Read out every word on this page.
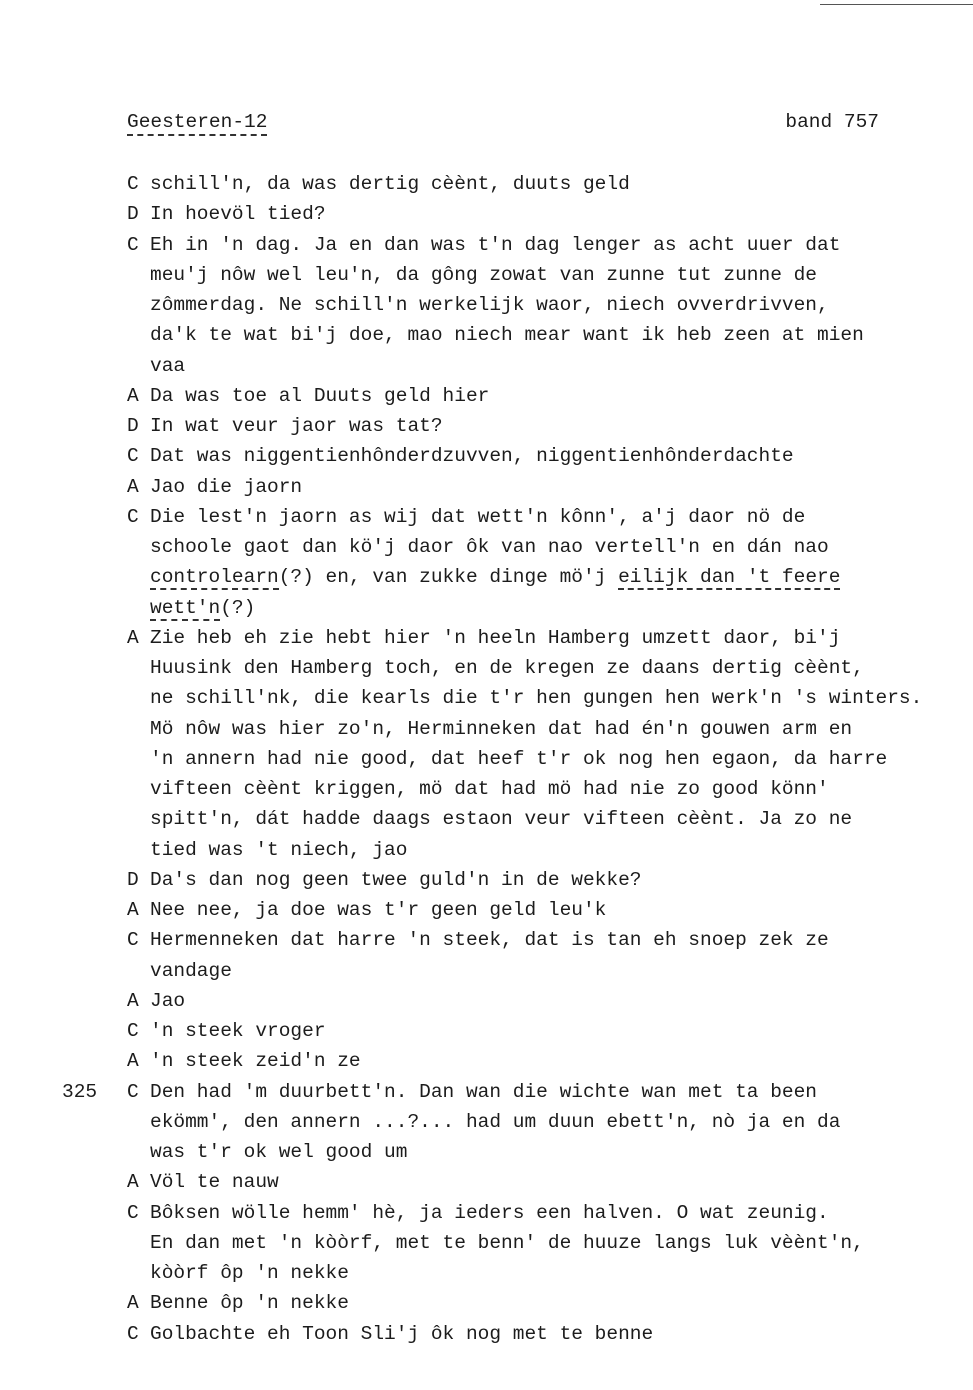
Geesteren-12	band 757
C schill'n, da was dertig cèènt, duuts geld
D In hoevöl tied?
C Eh in 'n dag. Ja en dan was t'n dag lenger as acht uuer dat
meu'j nôw wel leu'n, da gông zowat van zunne tut zunne de
zômmerdag. Ne schill'n werkelijk waor, niech ovverdrivven,
da'k te wat bi'j doe, mao niech mear want ik heb zeen at mien
vaa
A Da was toe al Duuts geld hier
D In wat veur jaor was tat?
C Dat was niggentienhônderdzuvven, niggentienhônderdachte
A Jao die jaorn
C Die lest'n jaorn as wij dat wett'n kônn', a'j daor nö de
schoole gaot dan kö'j daor ôk van nao vertell'n en dán nao
controlearn(?) en, van zukke dinge mö'j eilijk dan 't feere
wett'n(?)
A Zie heb eh zie hebt hier 'n heeln Hamberg umzett daor, bi'j
Huusink den Hamberg toch, en de kregen ze daans dertig cèènt,
ne schill'nk, die kearls die t'r hen gungen hen werk'n 's winters.
Mö nôw was hier zo'n, Herminneken dat had én'n gouwen arm en
'n annern had nie good, dat heef t'r ok nog hen egaon, da harre
vifteen cèènt kriggen, mö dat had mö had nie zo good könn'
spitt'n, dát hadde daags estaon veur vifteen cèènt. Ja zo ne
tied was 't niech, jao
D Da's dan nog geen twee guld'n in de wekke?
A Nee nee, ja doe was t'r geen geld leu'k
C Hermenneken dat harre 'n steek, dat is tan eh snoep zek ze
vandage
A Jao
C 'n steek vroger
A 'n steek zeid'n ze
325 C Den had 'm duurbett'n. Dan wan die wichte wan met ta been
ekömm', den annern ...?... had um duun ebett'n, nò ja en da
was t'r ok wel good um
A Völ te nauw
C Bôksen wölle hemm' hè, ja ieders een halven. O wat zeunig.
En dan met 'n kòòrf, met te benn' de huuze langs luk vèènt'n,
kòòrf ôp 'n nekke
A Benne ôp 'n nekke
C Golbachte eh Toon Sli'j ôk nog met te benne
